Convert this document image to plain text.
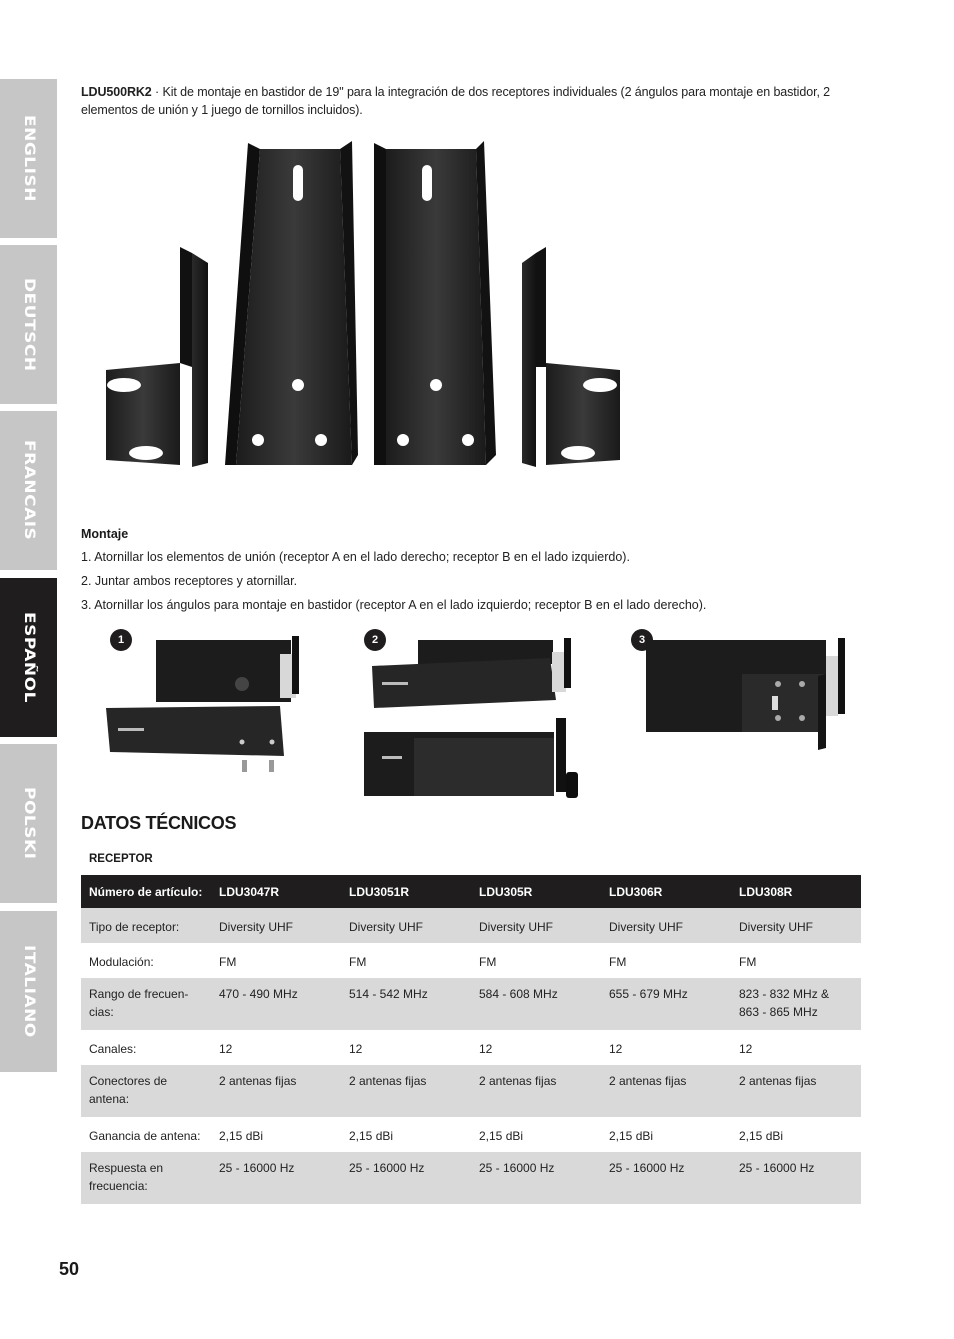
ENGLISH
DEUTSCH
FRANCAIS
ESPAÑOL
POLSKI
ITALIANO

LDU500RK2 · Kit de montaje en bastidor de 19" para la integración de dos receptores individuales (2 ángulos para montaje en bastidor, 2 elementos de unión y 1 juego de tornillos incluidos).

Montaje
1. Atornillar los elementos de unión (receptor A en el lado derecho; receptor B en el lado izquierdo).
2. Juntar ambos receptores y atornillar.
3. Atornillar los ángulos para montaje en bastidor (receptor A en el lado izquierdo; receptor B en el lado derecho).
1	2	3
DATOS TÉCNICOS
RECEPTOR
Número de artículo:	LDU3047R	LDU3051R	LDU305R	LDU306R	LDU308R
Tipo de receptor:	Diversity UHF	Diversity UHF	Diversity UHF	Diversity UHF	Diversity UHF
Modulación:	FM	FM	FM	FM	FM
Rango de frecuen-
cias:	470 - 490 MHz	514 - 542 MHz	584 - 608 MHz	655 - 679 MHz	823 - 832 MHz &
863 - 865 MHz
Canales:	12	12	12	12	12
Conectores de
antena:	2 antenas fijas	2 antenas fijas	2 antenas fijas	2 antenas fijas	2 antenas fijas
Ganancia de antena:	2,15 dBi	2,15 dBi	2,15 dBi	2,15 dBi	2,15 dBi
Respuesta en
frecuencia:	25 - 16000 Hz	25 - 16000 Hz	25 - 16000 Hz	25 - 16000 Hz	25 - 16000 Hz
50
